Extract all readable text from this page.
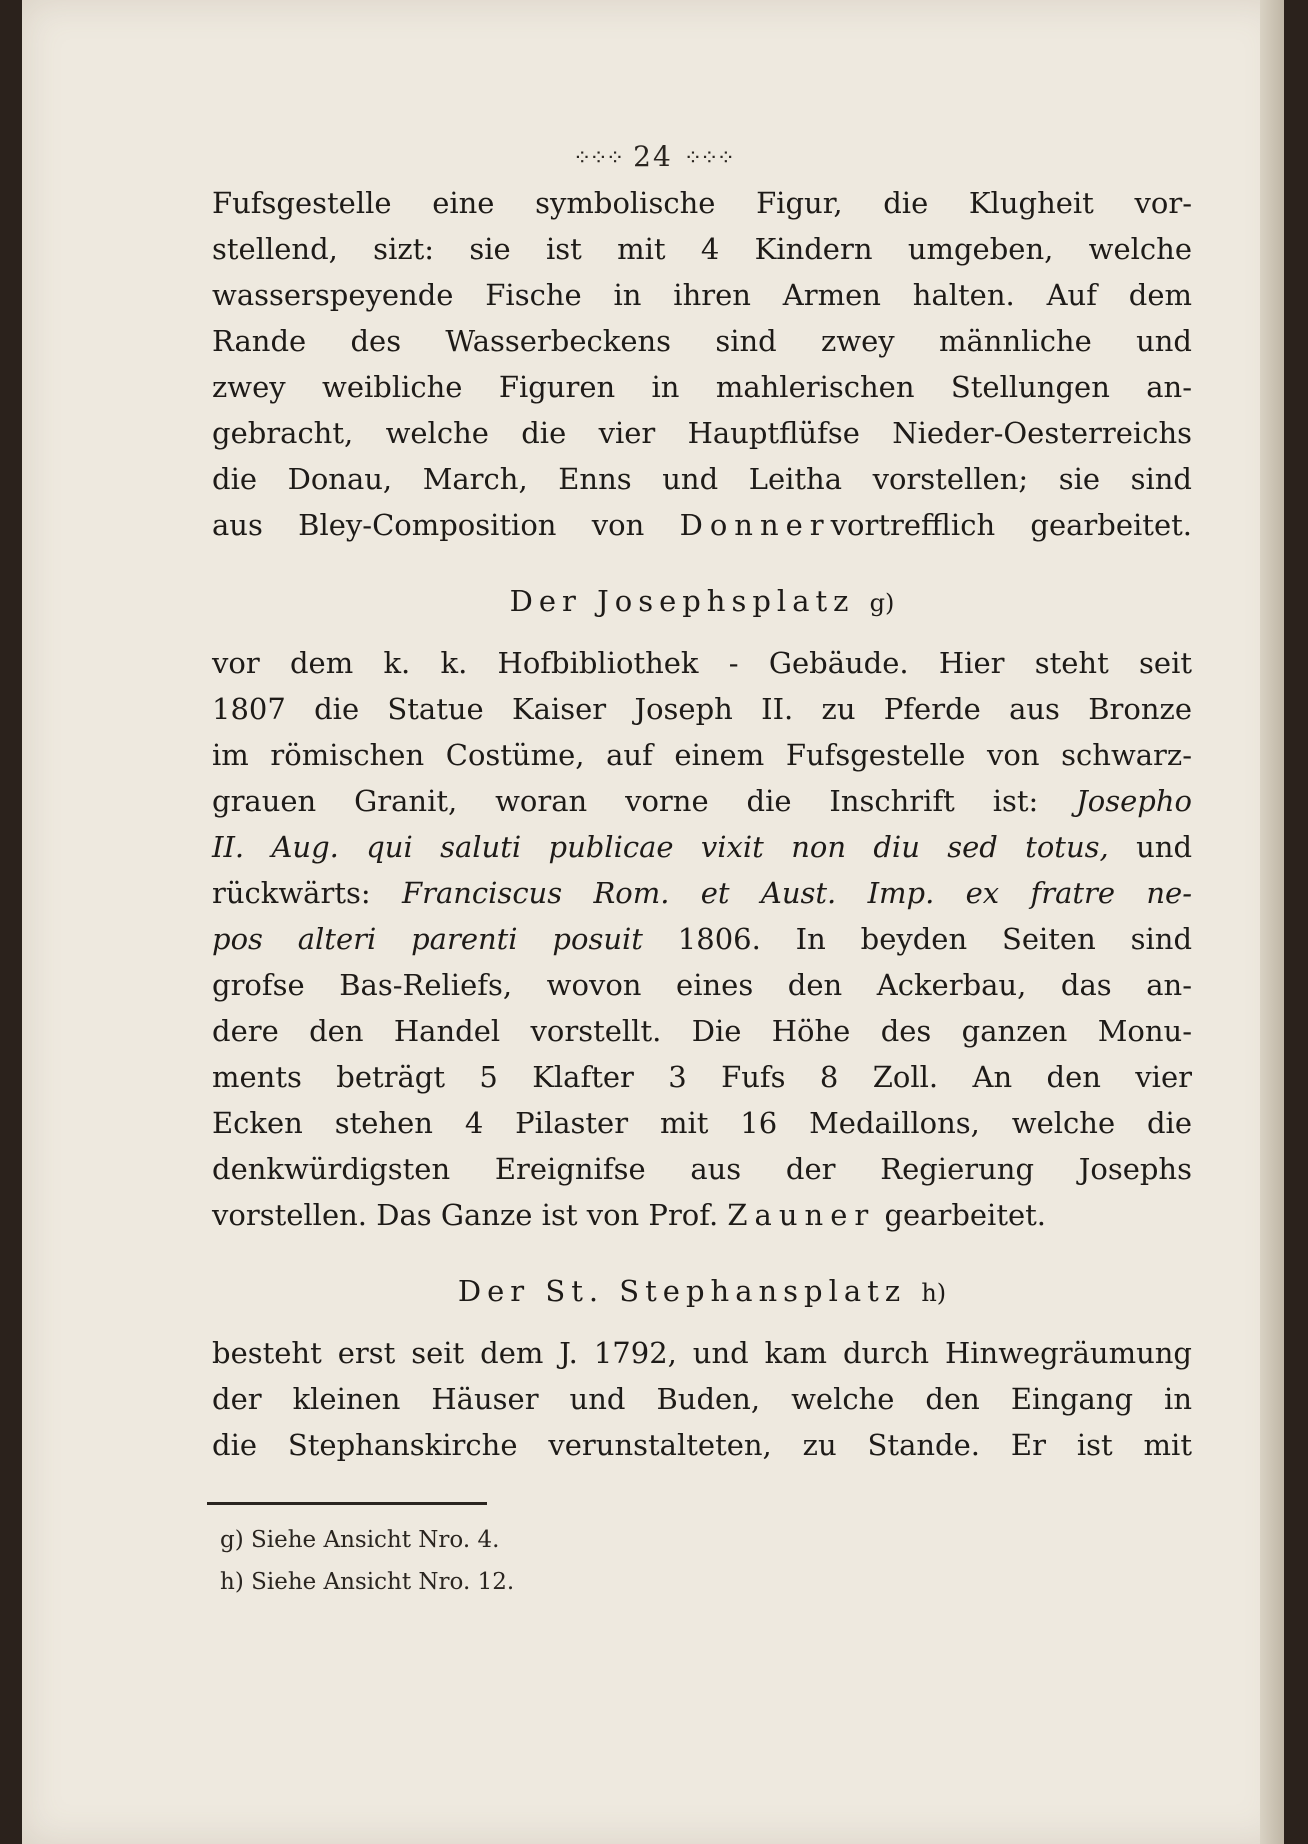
⁘⁘⁘ 24 ⁘⁘⁘
Fufsgestelle eine symbolische Figur, die Klugheit vor-
stellend, sizt: sie ist mit 4 Kindern umgeben, welche
wasserspeyende Fische in ihren Armen halten. Auf dem
Rande des Wasserbeckens sind zwey männliche und
zwey weibliche Figuren in mahlerischen Stellungen an-
gebracht, welche die vier Hauptflüfse Nieder-Oesterreichs
die Donau, March, Enns und Leitha vorstellen; sie sind
aus Bley-Composition von Donnervortrefflich gearbeitet.
Der Josephsplatz g)
vor dem k. k. Hofbibliothek - Gebäude. Hier steht seit
1807 die Statue Kaiser Joseph II. zu Pferde aus Bronze
im römischen Costüme, auf einem Fufsgestelle von schwarz-
grauen Granit, woran vorne die Inschrift ist: Josepho
II. Aug. qui saluti publicae vixit non diu sed totus, und
rückwärts: Franciscus Rom. et Aust. Imp. ex fratre ne-
pos alteri parenti posuit 1806. In beyden Seiten sind
grofse Bas-Reliefs, wovon eines den Ackerbau, das an-
dere den Handel vorstellt. Die Höhe des ganzen Monu-
ments beträgt 5 Klafter 3 Fufs 8 Zoll. An den vier
Ecken stehen 4 Pilaster mit 16 Medaillons, welche die
denkwürdigsten Ereignifse aus der Regierung Josephs
vorstellen. Das Ganze ist von Prof. Zauner gearbeitet.
Der St. Stephansplatz h)
besteht erst seit dem J. 1792, und kam durch Hinwegräumung
der kleinen Häuser und Buden, welche den Eingang in
die Stephanskirche verunstalteten, zu Stande. Er ist mit
g) Siehe Ansicht Nro. 4.
h) Siehe Ansicht Nro. 12.
